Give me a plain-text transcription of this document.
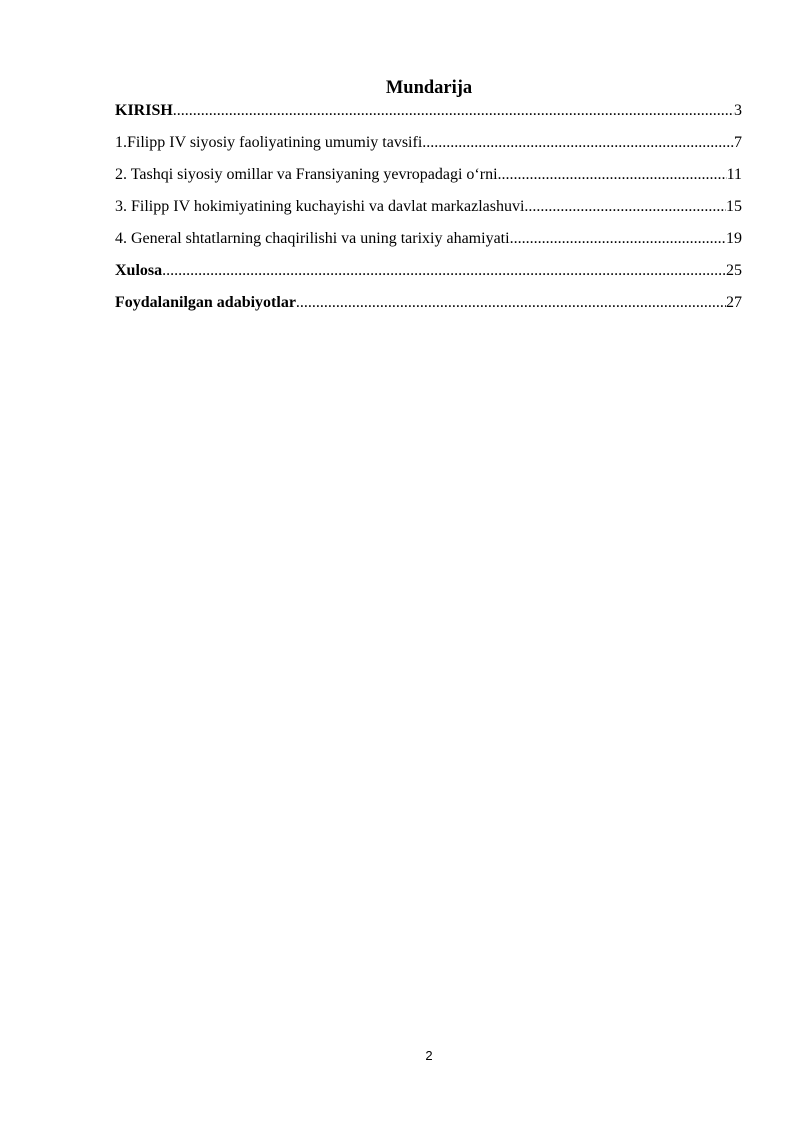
Mundarija
KIRISH .....	3
1.Filipp IV siyosiy faoliyatining umumiy tavsifi .....	7
2. Tashqi siyosiy omillar va Fransiyaning yevropadagi o‘rni .....	11
3. Filipp IV hokimiyatining kuchayishi va davlat markazlashuvi .....	15
4. General shtatlarning chaqirilishi va uning tarixiy ahamiyati .....	19
Xulosa .....	25
Foydalanilgan adabiyotlar .....	27
2
